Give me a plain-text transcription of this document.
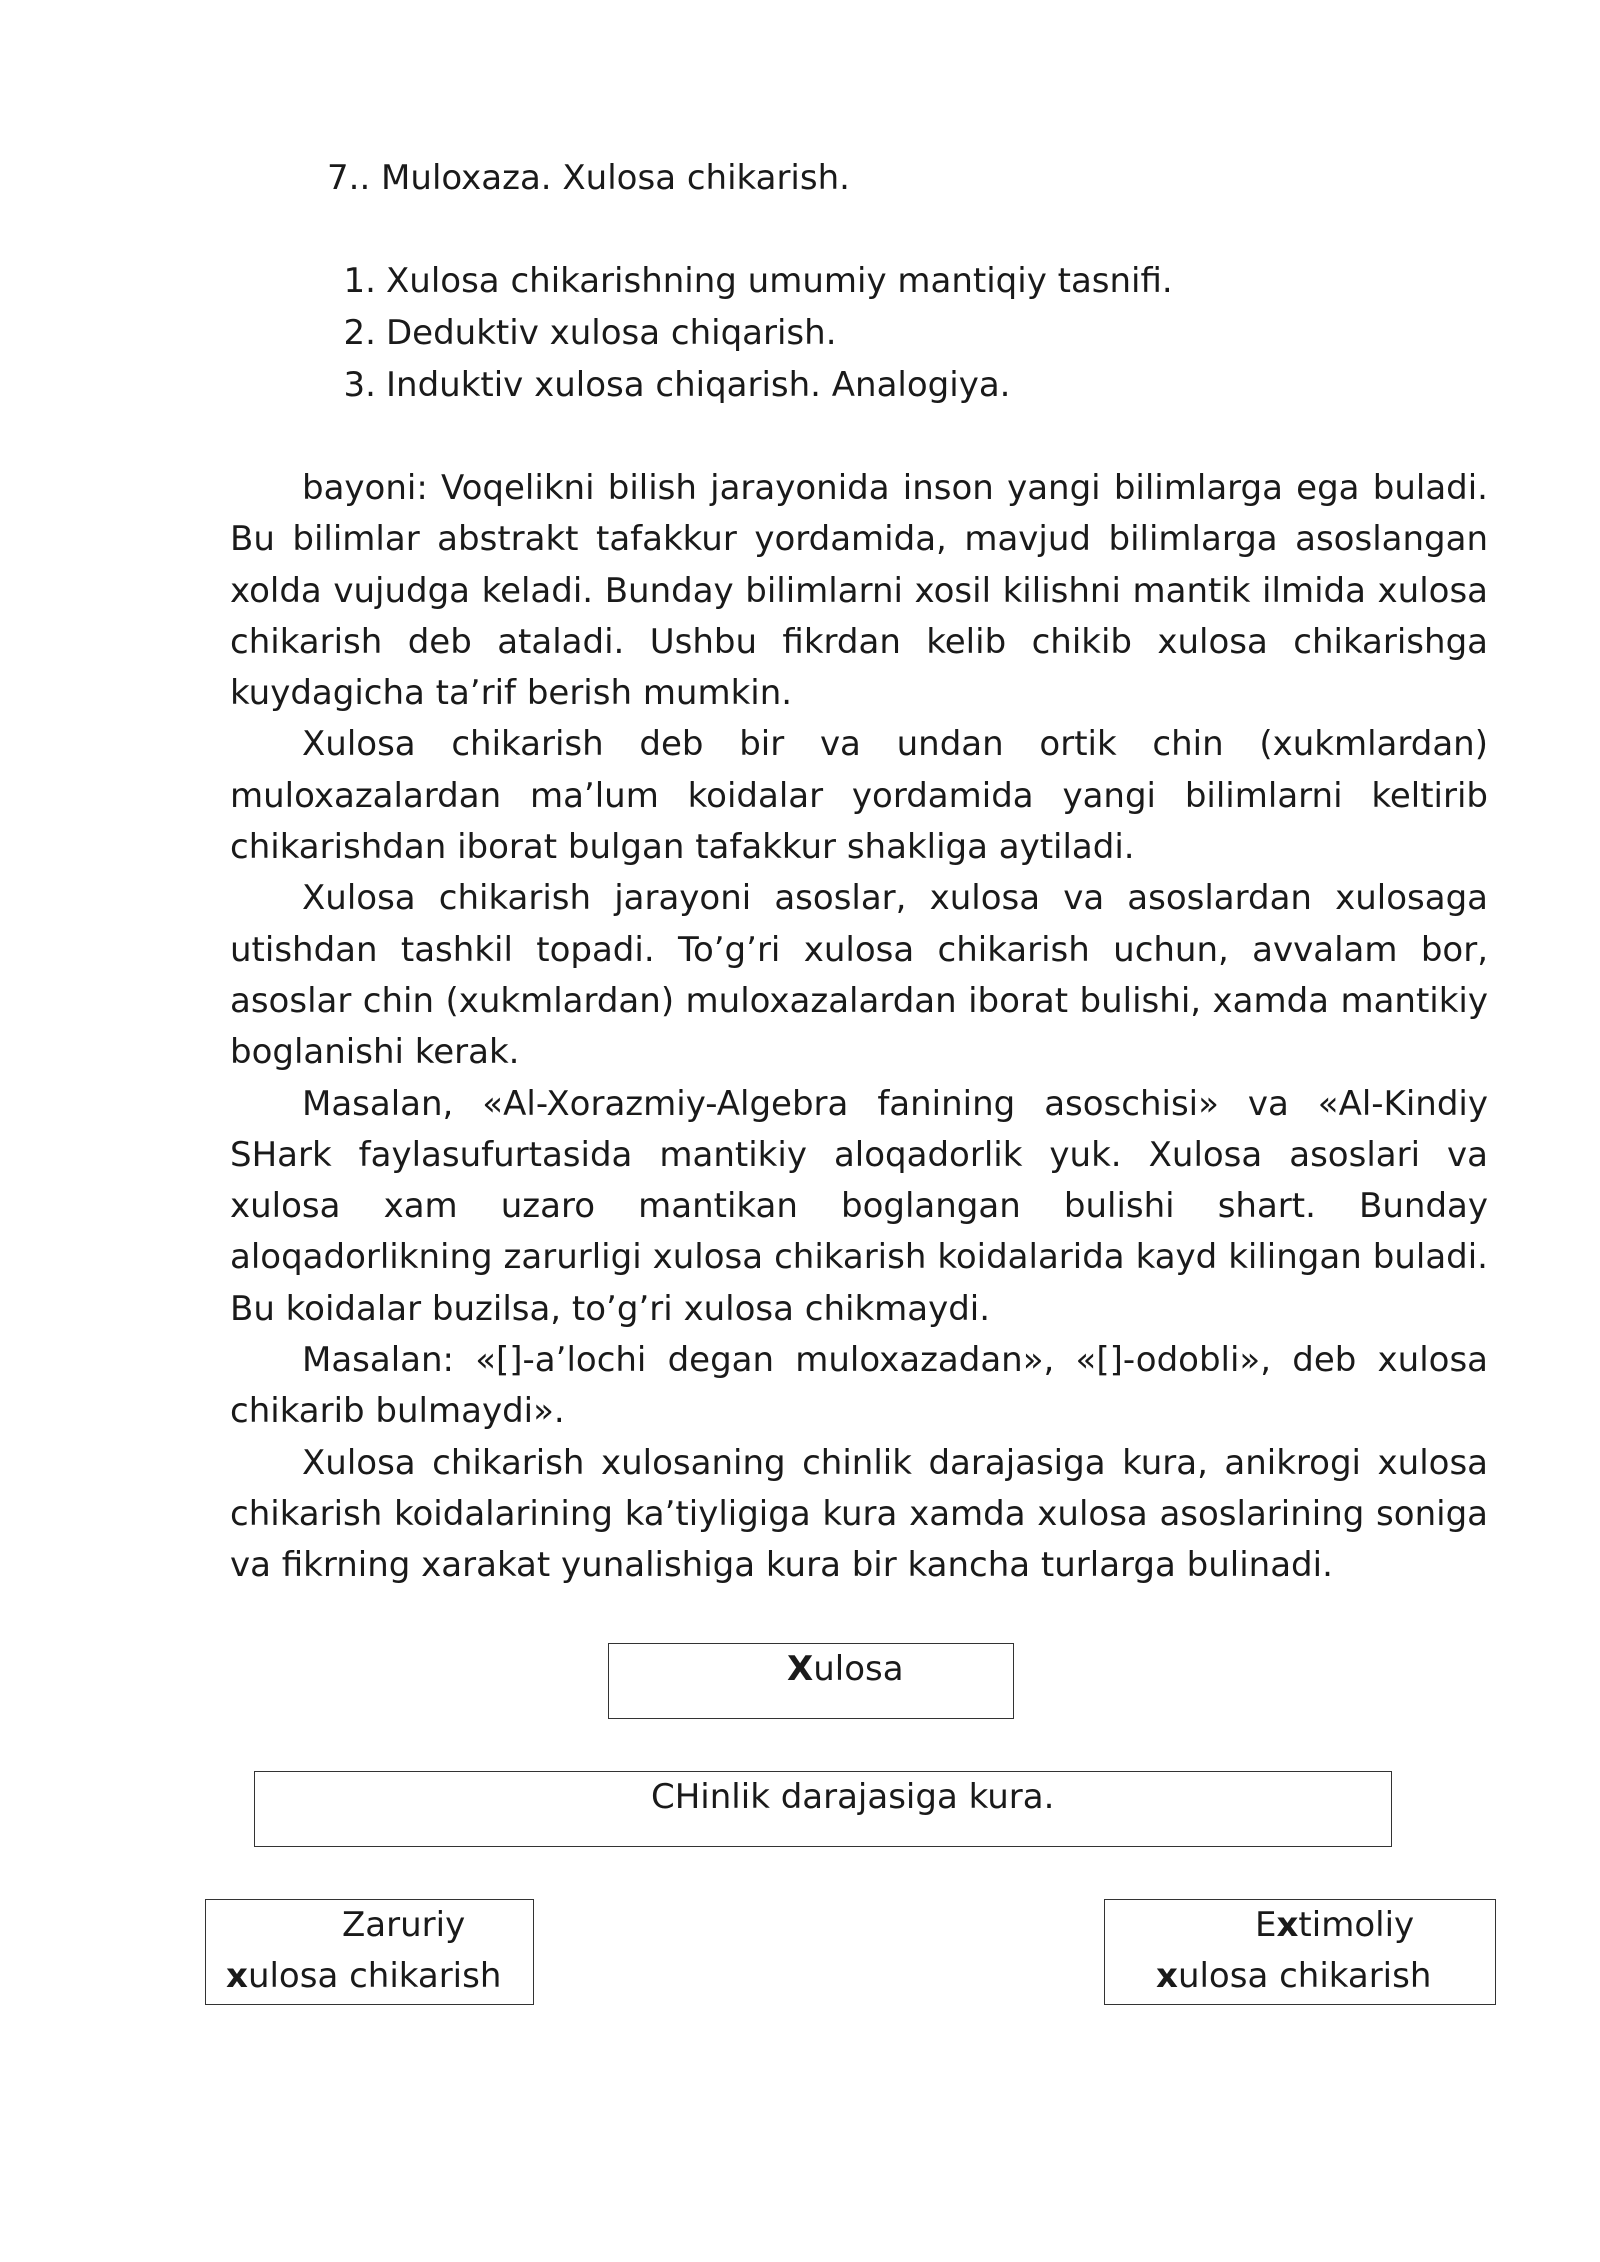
7.. Muloxaza. Xulosa chikarish.
1. Xulosa chikarishning umumiy mantiqiy tasnifi.
2. Deduktiv xulosa chiqarish.
3. Induktiv xulosa chiqarish. Analogiya.

bayoni: Voqelikni bilish jarayonida inson yangi bilimlarga ega buladi. Bu bilimlar abstrakt tafakkur yordamida, mavjud bilimlarga asoslangan xolda vujudga keladi. Bunday bilimlarni xosil kilishni mantik ilmida xulosa chikarish deb ataladi. Ushbu fikrdan kelib chikib xulosa chikarishga kuydagicha ta’rif berish mumkin.

Xulosa chikarish deb bir va undan ortik chin (xukmlardan) muloxazalardan ma’lum koidalar yordamida yangi bilimlarni keltirib chikarishdan iborat bulgan tafakkur shakliga aytiladi.

Xulosa chikarish jarayoni asoslar, xulosa va asoslardan xulosaga utishdan tashkil topadi. To’g’ri xulosa chikarish uchun, avvalam bor, asoslar chin (xukmlardan) muloxazalardan iborat bulishi, xamda mantikiy boglanishi kerak.

Masalan, «Al-Xorazmiy-Algebra fanining asoschisi» va «Al-Kindiy SHark faylasufurtasida mantikiy aloqadorlik yuk. Xulosa asoslari va xulosa xam uzaro mantikan boglangan bulishi shart. Bunday aloqadorlikning zarurligi xulosa chikarish koidalarida kayd kilingan buladi. Bu koidalar buzilsa, to’g’ri xulosa chikmaydi.

Masalan: «[]-a’lochi degan muloxazadan», «[]-odobli», deb xulosa chikarib bulmaydi».

Xulosa chikarish xulosaning chinlik darajasiga kura, anikrogi xulosa chikarish koidalarining ka’tiyligiga kura xamda xulosa asoslarining soniga va fikrning xarakat yunalishiga kura bir kancha turlarga bulinadi.

Xulosa
CHinlik darajasiga kura.
Zaruriy
xulosa chikarish
Extimoliy
xulosa chikarish
